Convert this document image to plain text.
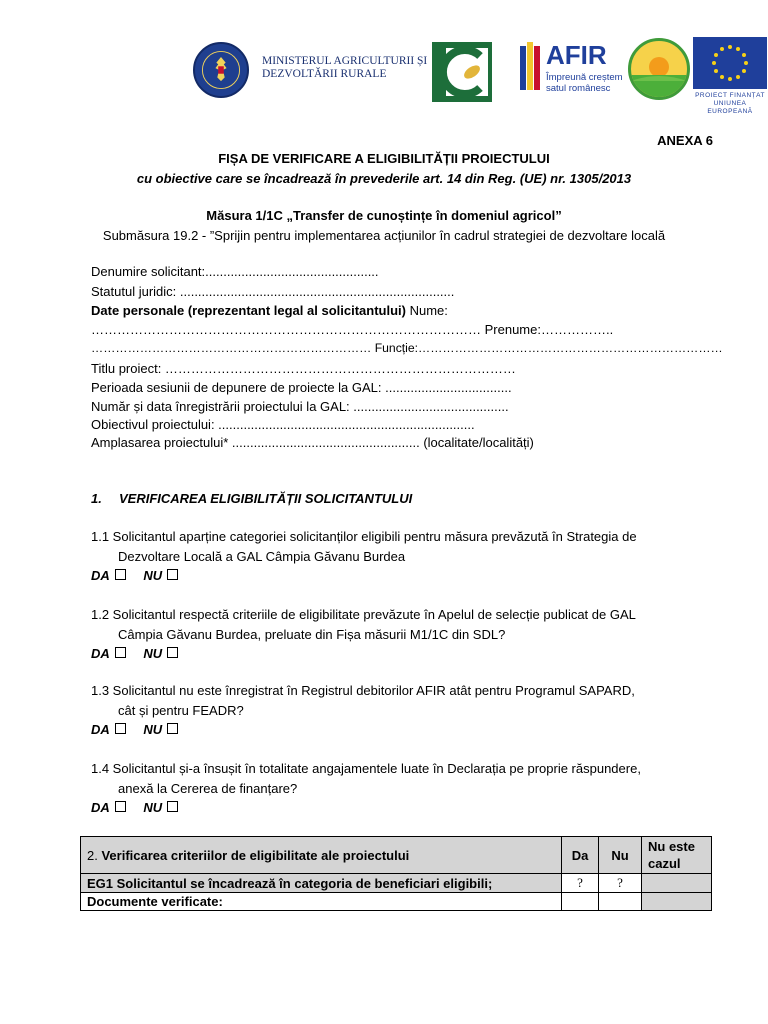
MINISTERUL AGRICULTURII ȘI
DEZVOLTĂRII RURALE
AFIR
Împreună creștem
satul românesc
PROIECT FINANȚAT
UNIUNEA EUROPEANĂ
ANEXA 6
FIȘA DE VERIFICARE A ELIGIBILITĂȚII PROIECTULUI
cu obiective care se încadrează în prevederile art. 14 din Reg. (UE) nr. 1305/2013
Măsura 1/1C „Transfer de cunoștințe în domeniul agricol”
Submăsura 19.2 - ”Sprijin pentru implementarea acțiunilor în cadrul strategiei de dezvoltare locală
Denumire solicitant:................................................
Statutul juridic: ............................................................................
Date personale (reprezentant legal al solicitantului) Nume:
……………………………………………………………………………… Prenume:……………..
…………………………………………………………… Funcție:…………………………………………………………………
Titlu proiect: ………………………………………………………………………
Perioada sesiunii de depunere de proiecte la GAL: ...................................
Număr și data înregistrării proiectului la GAL: ...........................................
Obiectivul proiectului: .......................................................................
Amplasarea proiectului* .................................................... (localitate/localități)
1. VERIFICAREA ELIGIBILITĂȚII SOLICITANTULUI
1.1 Solicitantul aparține categoriei solicitanților eligibili pentru măsura prevăzută în Strategia de
Dezvoltare Locală a GAL Câmpia Găvanu Burdea
DA	NU
1.2 Solicitantul respectă criteriile de eligibilitate prevăzute în Apelul de selecție publicat de GAL
Câmpia Găvanu Burdea, preluate din Fișa măsurii M1/1C din SDL?
DA	NU
1.3 Solicitantul nu este înregistrat în Registrul debitorilor AFIR atât pentru Programul SAPARD,
cât și pentru FEADR?
DA	NU
1.4 Solicitantul și-a însușit în totalitate angajamentele luate în Declarația pe proprie răspundere,
anexă la Cererea de finanțare?
DA	NU
2. Verificarea criteriilor de eligibilitate ale proiectului	Da	Nu	Nu este cazul
EG1 Solicitantul se încadrează în categoria de beneficiari eligibili;	?	?	
Documente verificate:			
